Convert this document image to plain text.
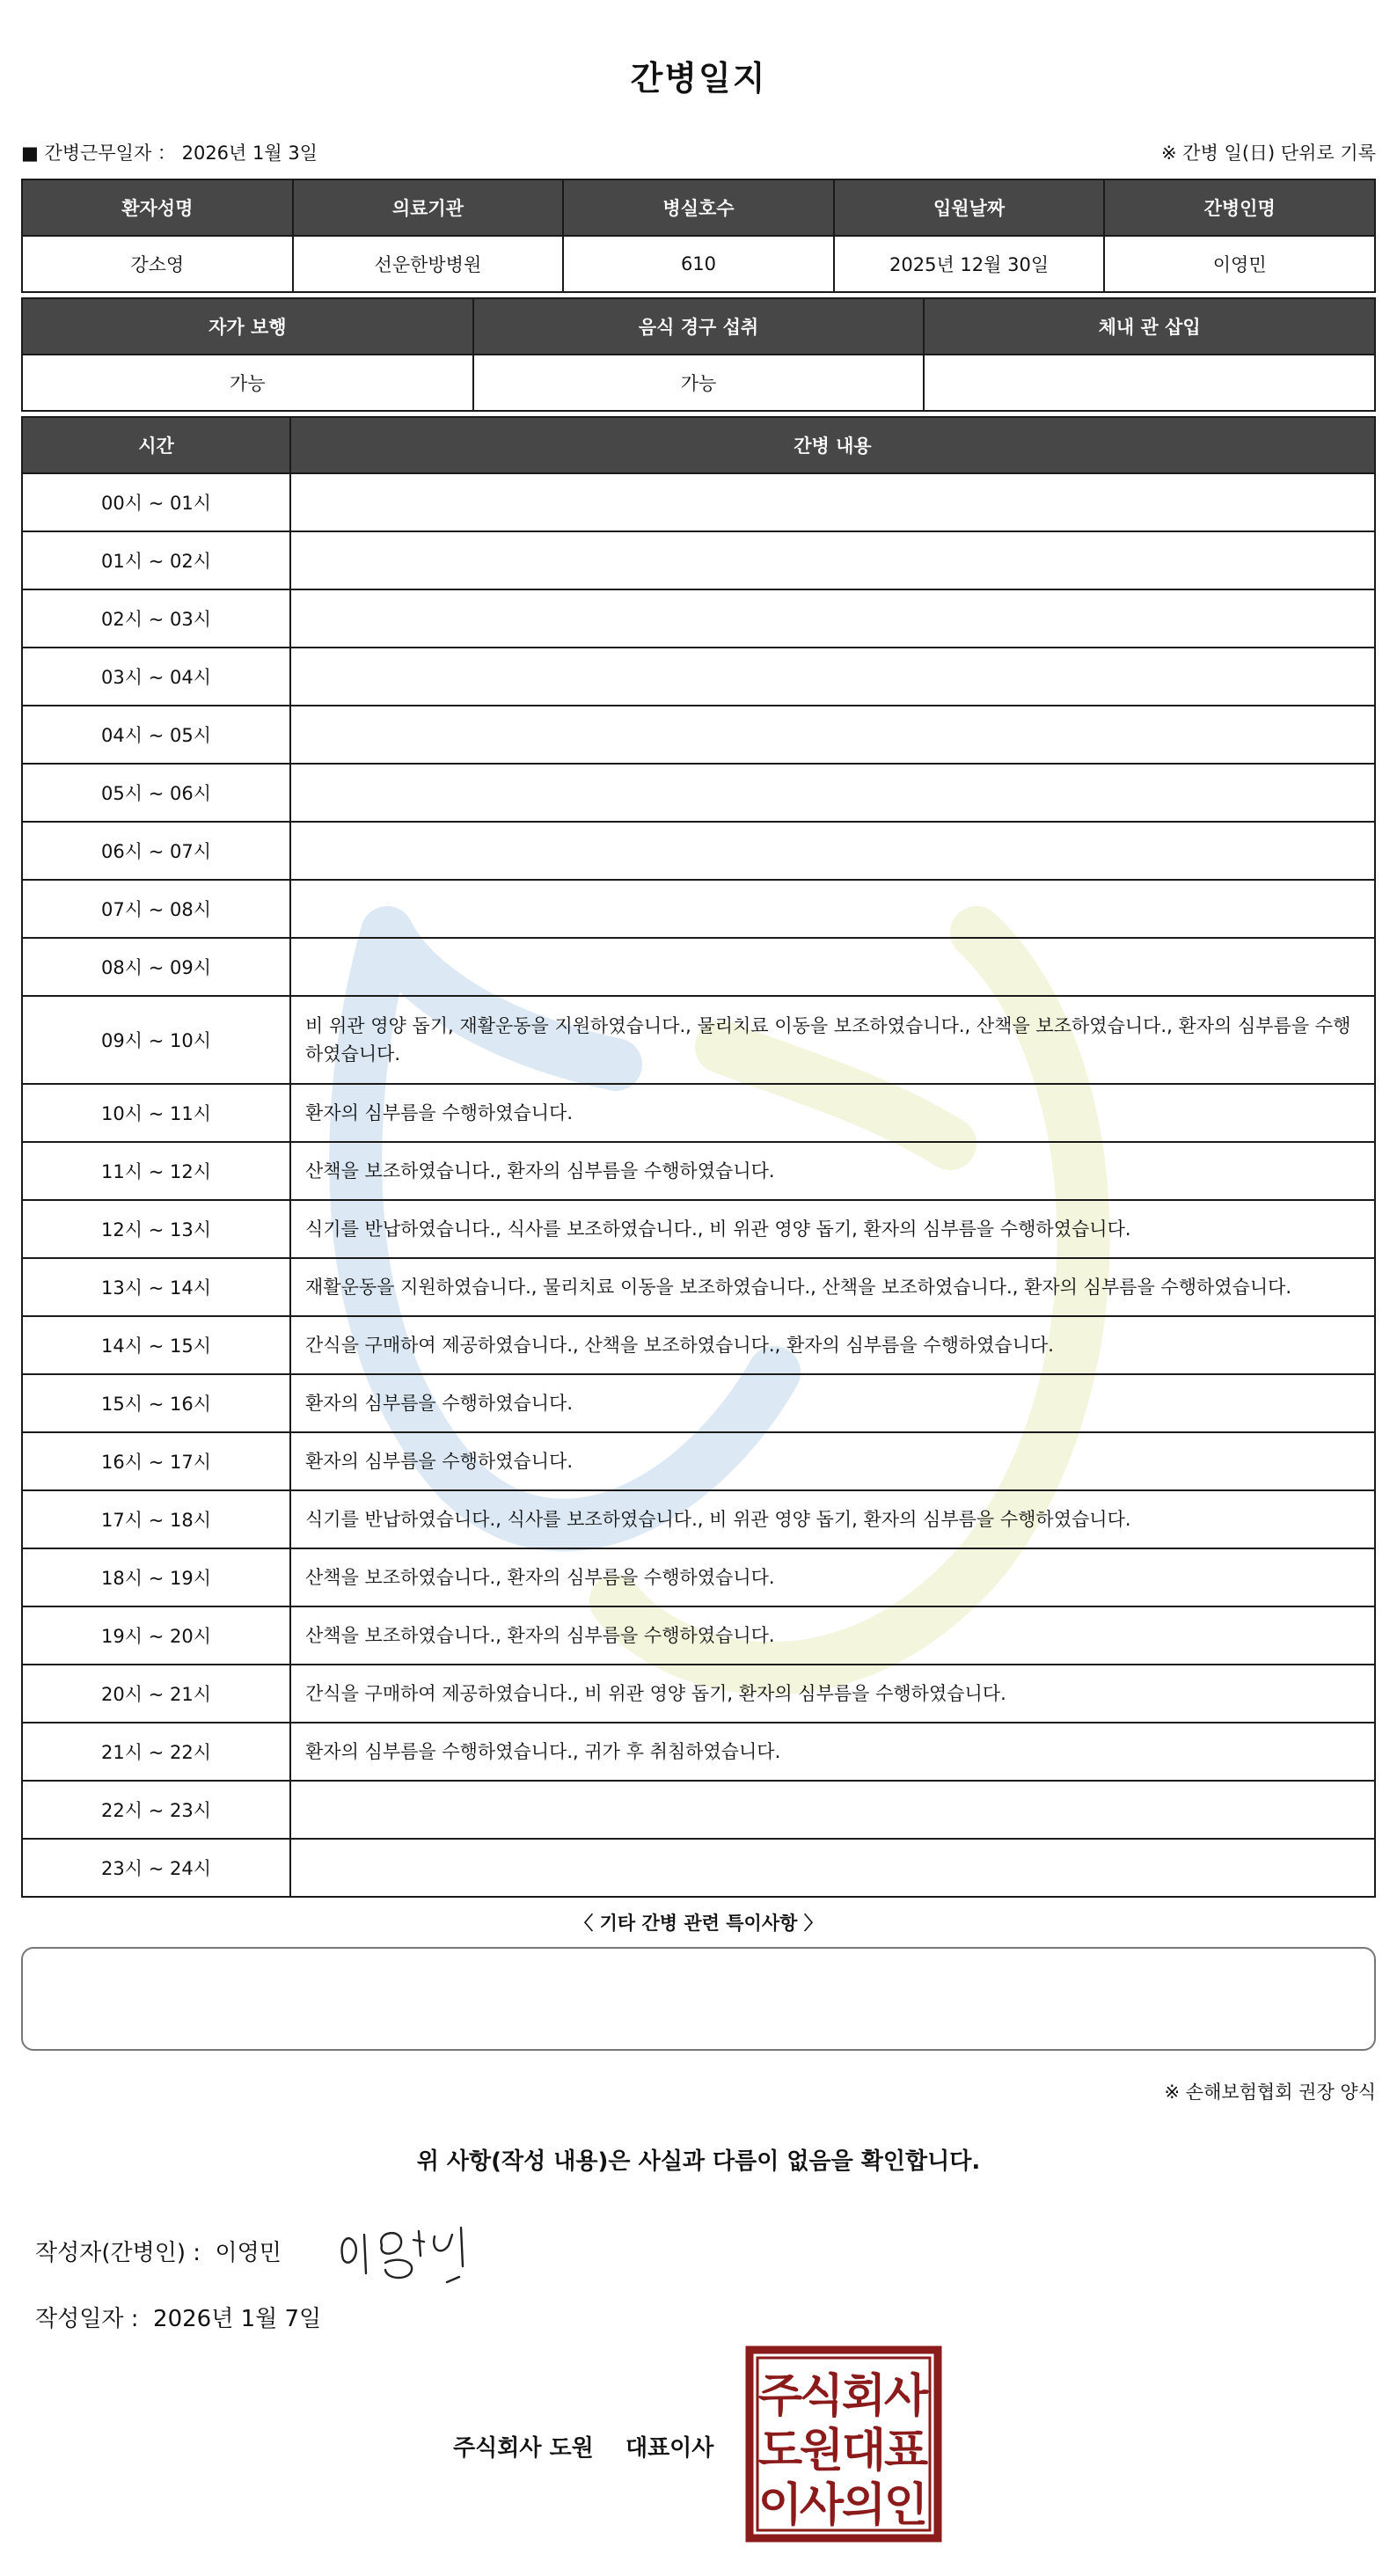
간병일지
■ 간병근무일자 ： 2026년 1월 3일	※ 간병 일(日) 단위로 기록
환자성명	의료기관	병실호수	입원날짜	간병인명
강소영	선운한방병원	610	2025년 12월 30일	이영민
자가 보행	음식 경구 섭취	체내 관 삽입
가능	가능	
시간	간병 내용
00시 ~ 01시	
01시 ~ 02시	
02시 ~ 03시	
03시 ~ 04시	
04시 ~ 05시	
05시 ~ 06시	
06시 ~ 07시	
07시 ~ 08시	
08시 ~ 09시	
09시 ~ 10시	비 위관 영양 돕기, 재활운동을 지원하였습니다., 물리치료 이동을 보조하였습니다., 산책을 보조하였습니다., 환자의 심부름을 수행하였습니다.
10시 ~ 11시	환자의 심부름을 수행하였습니다.
11시 ~ 12시	산책을 보조하였습니다., 환자의 심부름을 수행하였습니다.
12시 ~ 13시	식기를 반납하였습니다., 식사를 보조하였습니다., 비 위관 영양 돕기, 환자의 심부름을 수행하였습니다.
13시 ~ 14시	재활운동을 지원하였습니다., 물리치료 이동을 보조하였습니다., 산책을 보조하였습니다., 환자의 심부름을 수행하였습니다.
14시 ~ 15시	간식을 구매하여 제공하였습니다., 산책을 보조하였습니다., 환자의 심부름을 수행하였습니다.
15시 ~ 16시	환자의 심부름을 수행하였습니다.
16시 ~ 17시	환자의 심부름을 수행하였습니다.
17시 ~ 18시	식기를 반납하였습니다., 식사를 보조하였습니다., 비 위관 영양 돕기, 환자의 심부름을 수행하였습니다.
18시 ~ 19시	산책을 보조하였습니다., 환자의 심부름을 수행하였습니다.
19시 ~ 20시	산책을 보조하였습니다., 환자의 심부름을 수행하였습니다.
20시 ~ 21시	간식을 구매하여 제공하였습니다., 비 위관 영양 돕기, 환자의 심부름을 수행하였습니다.
21시 ~ 22시	환자의 심부름을 수행하였습니다., 귀가 후 취침하였습니다.
22시 ~ 23시	
23시 ~ 24시	
〈 기타 간병 관련 특이사항 〉
※ 손해보험협회 권장 양식
위 사항(작성 내용)은 사실과 다름이 없음을 확인합니다.
작성자(간병인) :  이영민
작성일자 :  2026년 1월 7일
주식회사 도원    대표이사
주
식
회
사
도
원
대
표
이
사
의
인
